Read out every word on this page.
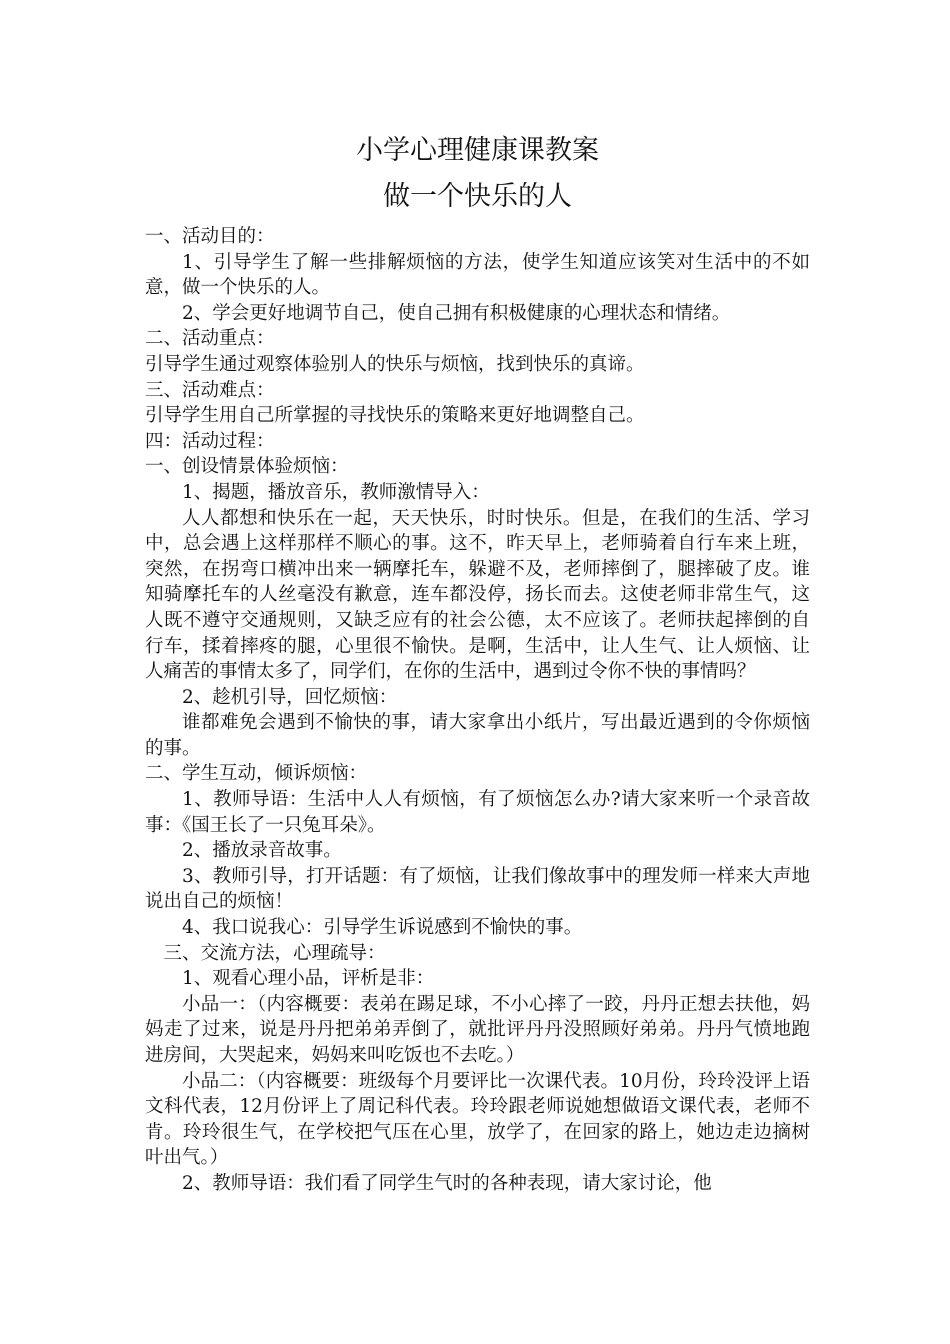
小学心理健康课教案
做一个快乐的人

一、活动目的：

1、引导学生了解一些排解烦恼的方法，使学生知道应该笑对生活中的不如意，做一个快乐的人。

2、学会更好地调节自己，使自己拥有积极健康的心理状态和情绪。

二、活动重点：

引导学生通过观察体验别人的快乐与烦恼，找到快乐的真谛。

三、活动难点：

引导学生用自己所掌握的寻找快乐的策略来更好地调整自己。

四：活动过程：

一、创设情景体验烦恼：

1、揭题，播放音乐，教师激情导入：

人人都想和快乐在一起，天天快乐，时时快乐。但是，在我们的生活、学习中，总会遇上这样那样不顺心的事。这不，昨天早上，老师骑着自行车来上班，突然，在拐弯口横冲出来一辆摩托车，躲避不及，老师摔倒了，腿摔破了皮。谁知骑摩托车的人丝毫没有歉意，连车都没停，扬长而去。这使老师非常生气，这人既不遵守交通规则，又缺乏应有的社会公德，太不应该了。老师扶起摔倒的自行车，揉着摔疼的腿，心里很不愉快。是啊，生活中，让人生气、让人烦恼、让人痛苦的事情太多了，同学们，在你的生活中，遇到过令你不快的事情吗？

2、趁机引导，回忆烦恼：

谁都难免会遇到不愉快的事，请大家拿出小纸片，写出最近遇到的令你烦恼的事。

二、学生互动，倾诉烦恼：

1、教师导语：生活中人人有烦恼，有了烦恼怎么办?请大家来听一个录音故事：《国王长了一只兔耳朵》。

2、播放录音故事。

3、教师引导，打开话题：有了烦恼，让我们像故事中的理发师一样来大声地说出自己的烦恼！

4、我口说我心：引导学生诉说感到不愉快的事。

三、交流方法，心理疏导：

1、观看心理小品，评析是非：

小品一：（内容概要：表弟在踢足球，不小心摔了一跤，丹丹正想去扶他，妈妈走了过来，说是丹丹把弟弟弄倒了，就批评丹丹没照顾好弟弟。丹丹气愤地跑进房间，大哭起来，妈妈来叫吃饭也不去吃。）

小品二：（内容概要：班级每个月要评比一次课代表。10月份，玲玲没评上语文科代表，12月份评上了周记科代表。玲玲跟老师说她想做语文课代表，老师不肯。玲玲很生气，在学校把气压在心里，放学了，在回家的路上，她边走边摘树叶出气。）

2、教师导语：我们看了同学生气时的各种表现，请大家讨论，他
